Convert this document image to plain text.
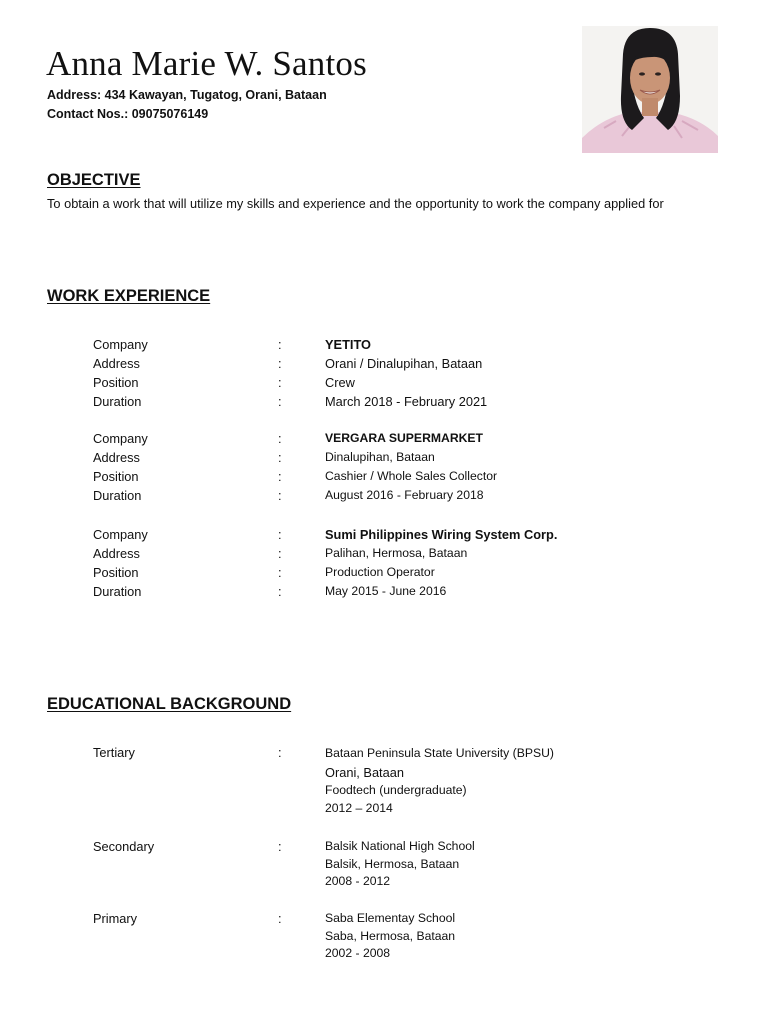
Anna Marie W. Santos
Address: 434 Kawayan, Tugatog, Orani, Bataan
Contact Nos.: 09075076149
OBJECTIVE
To obtain a work that will utilize my skills and experience and the opportunity to work the company applied for
WORK EXPERIENCE
Company	:	YETITO
Address	:	Orani / Dinalupihan, Bataan
Position	:	Crew
Duration	:	March 2018 - February 2021
Company	:	VERGARA SUPERMARKET
Address	:	Dinalupihan, Bataan
Position	:	Cashier / Whole Sales Collector
Duration	:	August 2016 - February 2018
Company	:	Sumi Philippines Wiring System Corp.
Address	:	Palihan, Hermosa, Bataan
Position	:	Production Operator
Duration	:	May 2015 - June 2016
EDUCATIONAL BACKGROUND
Tertiary	:	Bataan Peninsula State University (BPSU)
Orani, Bataan
Foodtech (undergraduate)
2012 – 2014
Secondary	:	Balsik National High School
Balsik, Hermosa, Bataan
2008 - 2012
Primary	:	Saba Elementay School
Saba, Hermosa, Bataan
2002 - 2008
